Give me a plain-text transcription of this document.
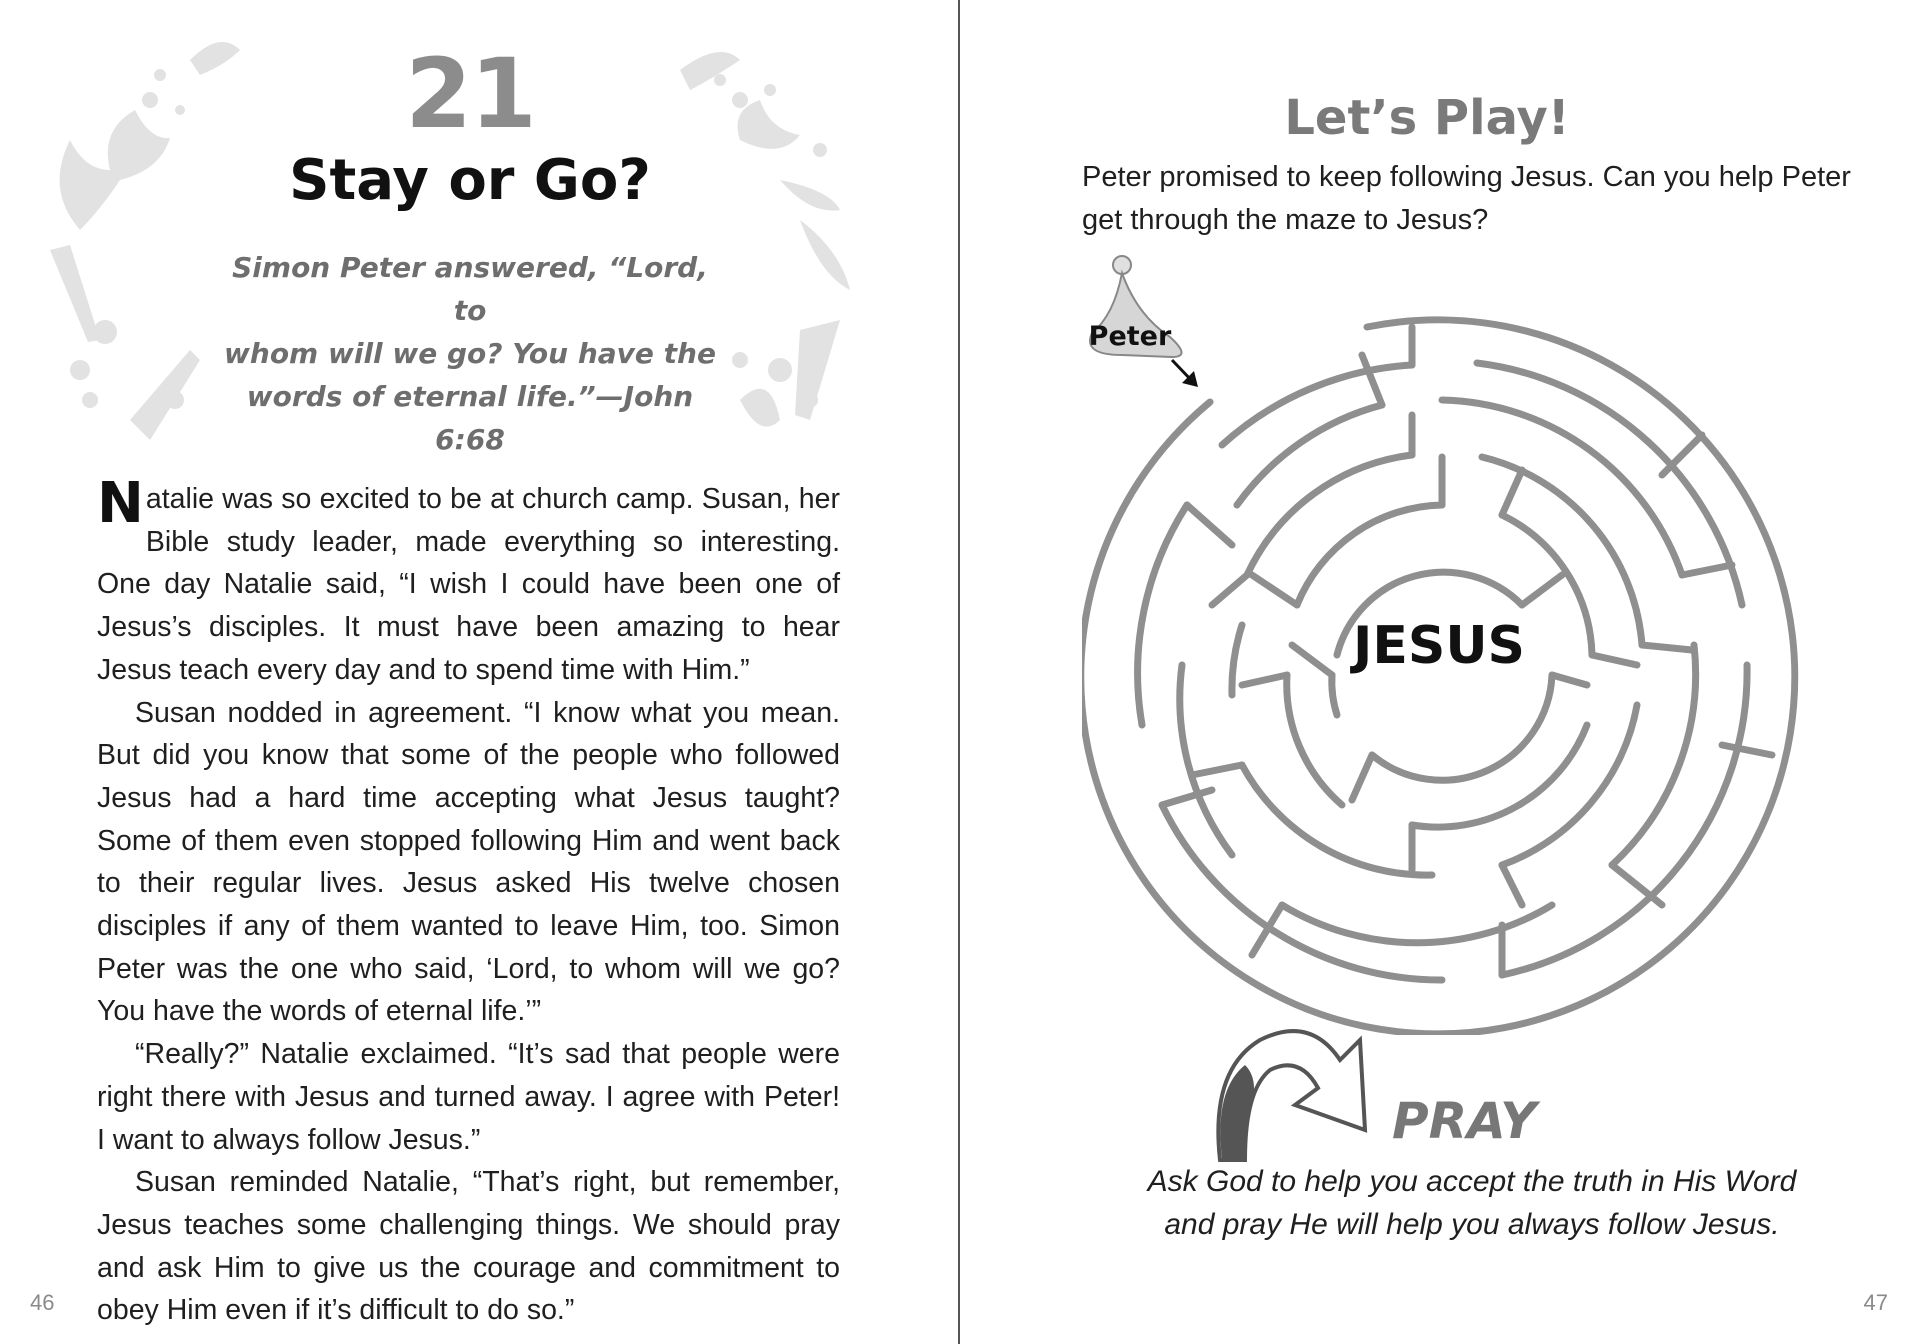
21
Stay or Go?
Simon Peter answered, “Lord, to
whom will we go? You have the
words of eternal life.”—John 6:68

Natalie was so excited to be at church camp. Susan, her Bible study leader, made everything so interesting. One day Natalie said, “I wish I could have been one of Jesus’s disciples. It must have been amazing to hear Jesus teach every day and to spend time with Him.”

Susan nodded in agreement. “I know what you mean. But did you know that some of the people who followed Jesus had a hard time accepting what Jesus taught? Some of them even stopped following Him and went back to their regular lives. Jesus asked His twelve chosen disciples if any of them wanted to leave Him, too. Simon Peter was the one who said, ‘Lord, to whom will we go? You have the words of eternal life.’”

“Really?” Natalie exclaimed. “It’s sad that people were right there with Jesus and turned away. I agree with Peter! I want to always follow Jesus.”

Susan reminded Natalie, “That’s right, but remember, Jesus teaches some challenging things. We should pray and ask Him to give us the courage and commitment to obey Him even if it’s difficult to do so.”

46
Let’s Play!
Peter promised to keep following Jesus. Can you help Peter get through the maze to Jesus?
Peter
JESUS
PRAY
Ask God to help you accept the truth in His Word
and pray He will help you always follow Jesus.
47
